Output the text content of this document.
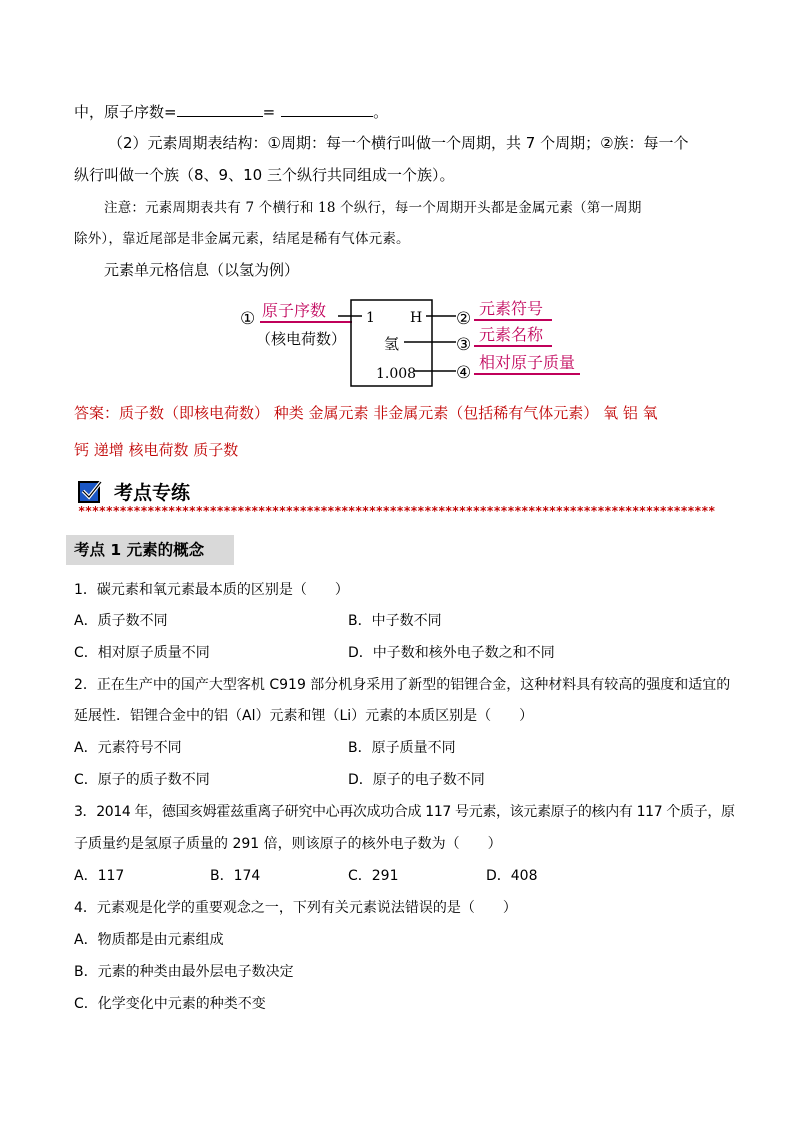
中，原子序数=	=	。
（2）元素周期表结构：①周期：每一个横行叫做一个周期，共 7 个周期；②族：每一个
纵行叫做一个族（8、9、10 三个纵行共同组成一个族）。
注意：元素周期表共有 7 个横行和 18 个纵行，每一个周期开头都是金属元素（第一周期
除外），靠近尾部是非金属元素，结尾是稀有气体元素。
元素单元格信息（以氢为例）
① 原子序数
（核电荷数）
1	H
氢
1.008
②
③
④
元素符号
元素名称
相对原子质量
答案：质子数（即核电荷数） 种类 金属元素 非金属元素（包括稀有气体元素） 氧 铝 氧
钙 递增 核电荷数 质子数
考点专练
********************************************************************************************
考点 1 元素的概念
1．碳元素和氧元素最本质的区别是（　　）
A．质子数不同	B．中子数不同
C．相对原子质量不同	D．中子数和核外电子数之和不同
2．正在生产中的国产大型客机 C919 部分机身采用了新型的铝锂合金，这种材料具有较高的强度和适宜的
延展性．铝锂合金中的铝（Al）元素和锂（Li）元素的本质区别是（　　）
A．元素符号不同	B．原子质量不同
C．原子的质子数不同	D．原子的电子数不同
3．2014 年，德国亥姆霍兹重离子研究中心再次成功合成 117 号元素，该元素原子的核内有 117 个质子，原
子质量约是氢原子质量的 291 倍，则该原子的核外电子数为（　　）
A．117	B．174	C．291	D．408
4．元素观是化学的重要观念之一，下列有关元素说法错误的是（　　）
A．物质都是由元素组成
B．元素的种类由最外层电子数决定
C．化学变化中元素的种类不变
